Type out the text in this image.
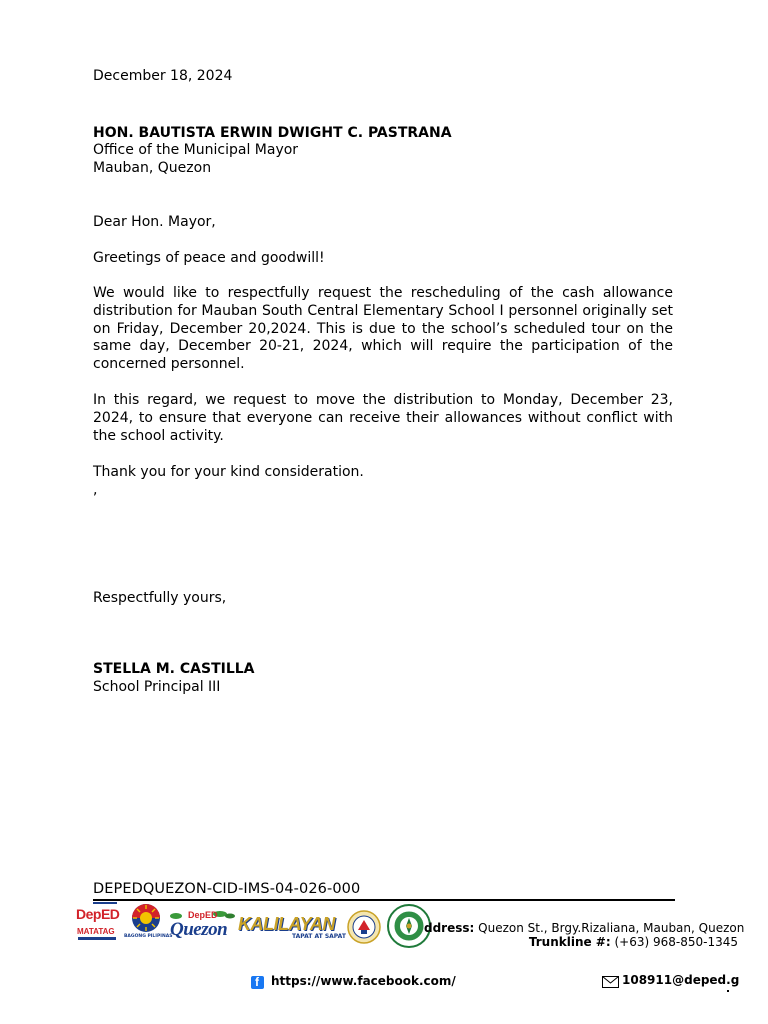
December 18, 2024
HON. BAUTISTA ERWIN DWIGHT C. PASTRANA
Office of the Municipal Mayor
Mauban, Quezon
Dear Hon. Mayor,
Greetings of peace and goodwill!
We would like to respectfully request the rescheduling of the cash allowance distribution for Mauban South Central Elementary School I personnel originally set on Friday, December 20,2024. This is due to the school’s scheduled tour on the same day, December 20-21, 2024, which will require the participation of the concerned personnel.
In this regard, we request to move the distribution to Monday, December 23, 2024, to ensure that everyone can receive their allowances without conflict with the school activity.
Thank you for your kind consideration.
,
Respectfully yours,
STELLA M. CASTILLA
School Principal III
DEPEDQUEZON-CID-IMS-04-026-000
DepED
MATATAG
BAGONG PILIPINAS
DepED
Quezon KALILAYAN
TAPAT AT SAPAT
ddress: Quezon St., Brgy.Rizaliana, Mauban, Quezon
Trunkline #: (+63) 968-850-1345
f https://www.facebook.com/	108911@deped.g
